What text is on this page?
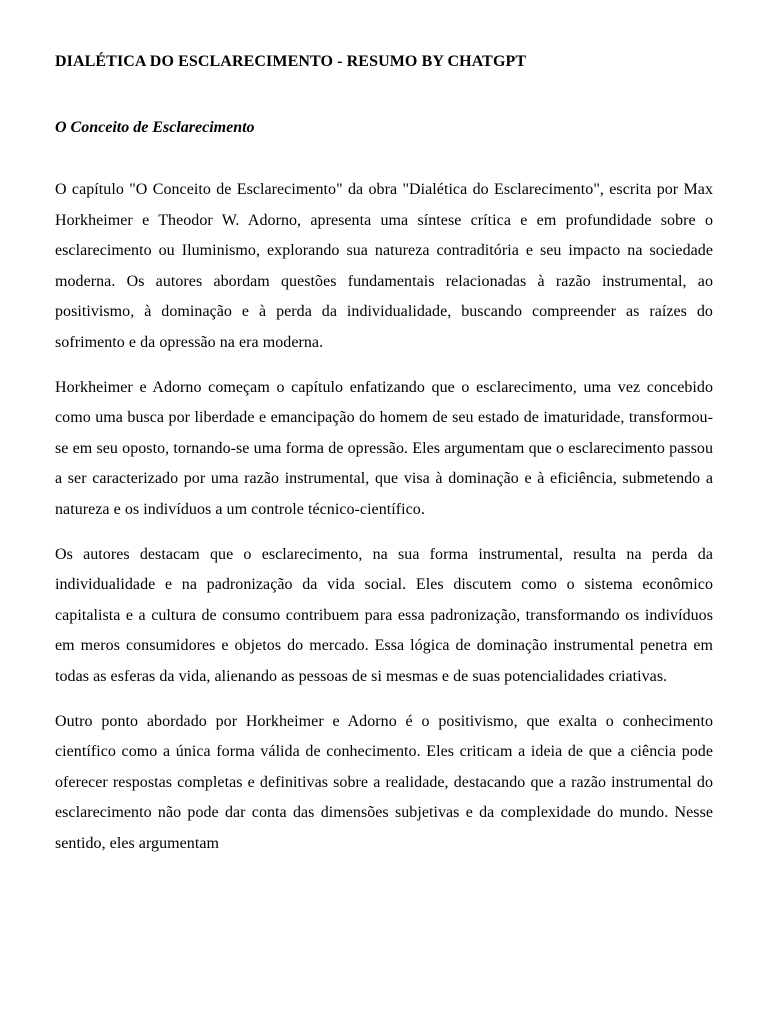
DIALÉTICA DO ESCLARECIMENTO - RESUMO BY CHATGPT
O Conceito de Esclarecimento

O capítulo "O Conceito de Esclarecimento" da obra "Dialética do Esclarecimento", escrita por Max Horkheimer e Theodor W. Adorno, apresenta uma síntese crítica e em profundidade sobre o esclarecimento ou Iluminismo, explorando sua natureza contraditória e seu impacto na sociedade moderna. Os autores abordam questões fundamentais relacionadas à razão instrumental, ao positivismo, à dominação e à perda da individualidade, buscando compreender as raízes do sofrimento e da opressão na era moderna.

Horkheimer e Adorno começam o capítulo enfatizando que o esclarecimento, uma vez concebido como uma busca por liberdade e emancipação do homem de seu estado de imaturidade, transformou-se em seu oposto, tornando-se uma forma de opressão. Eles argumentam que o esclarecimento passou a ser caracterizado por uma razão instrumental, que visa à dominação e à eficiência, submetendo a natureza e os indivíduos a um controle técnico-científico.

Os autores destacam que o esclarecimento, na sua forma instrumental, resulta na perda da individualidade e na padronização da vida social. Eles discutem como o sistema econômico capitalista e a cultura de consumo contribuem para essa padronização, transformando os indivíduos em meros consumidores e objetos do mercado. Essa lógica de dominação instrumental penetra em todas as esferas da vida, alienando as pessoas de si mesmas e de suas potencialidades criativas.

Outro ponto abordado por Horkheimer e Adorno é o positivismo, que exalta o conhecimento científico como a única forma válida de conhecimento. Eles criticam a ideia de que a ciência pode oferecer respostas completas e definitivas sobre a realidade, destacando que a razão instrumental do esclarecimento não pode dar conta das dimensões subjetivas e da complexidade do mundo. Nesse sentido, eles argumentam
